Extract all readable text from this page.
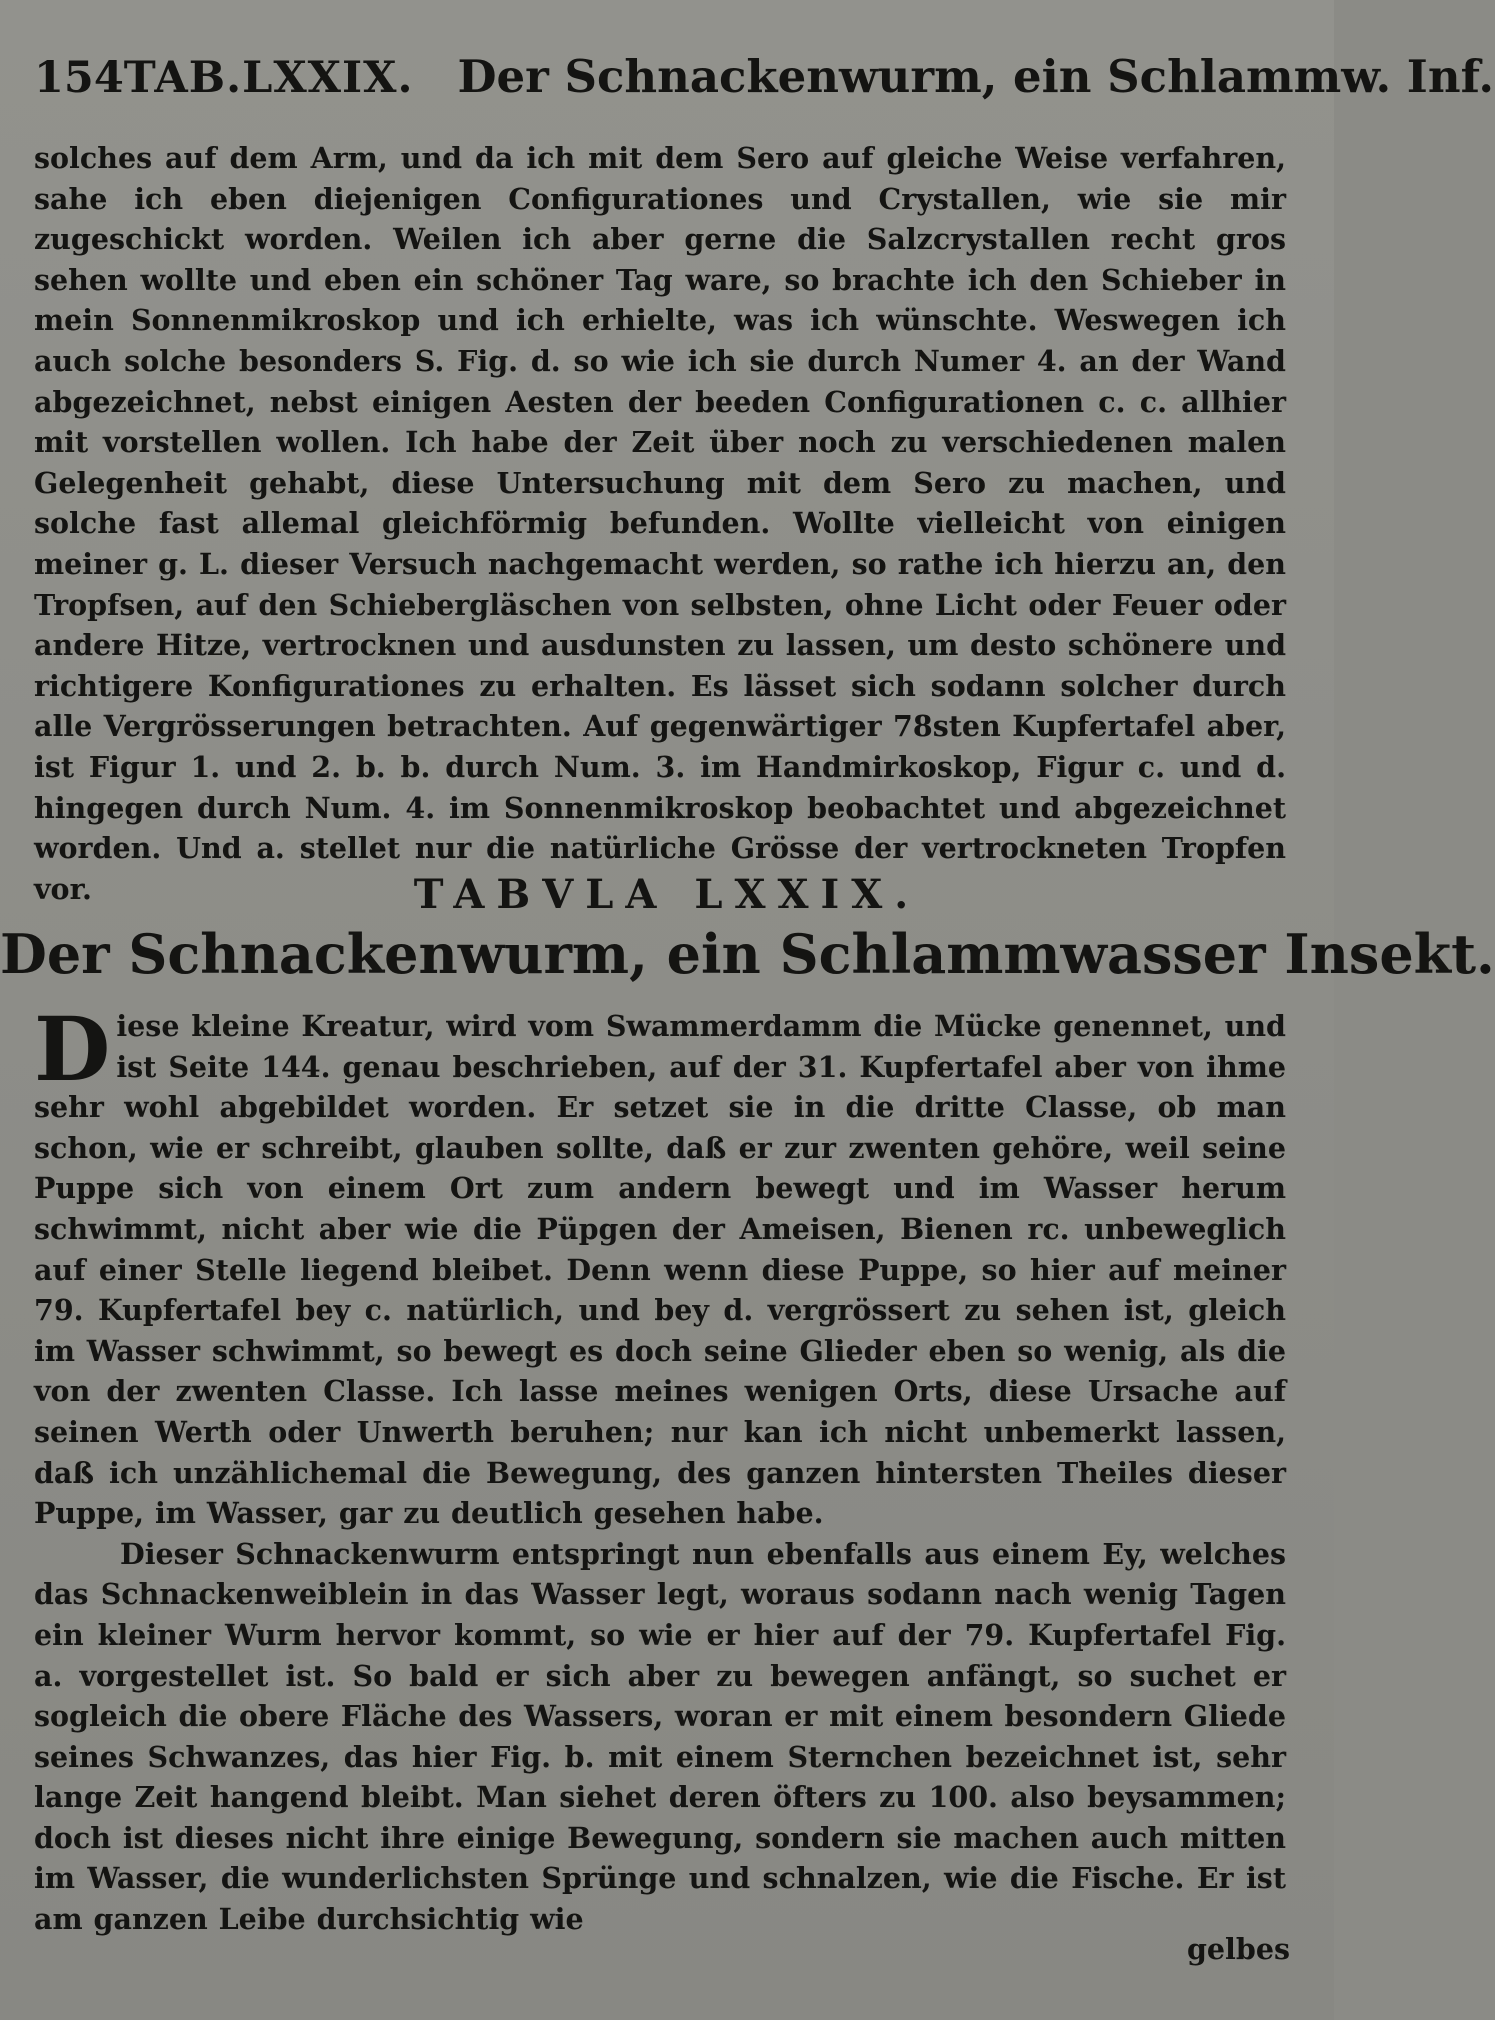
154 TAB.LXXIX. Der Schnackenwurm, ein Schlammw. Inf.

solches auf dem Arm, und da ich mit dem Sero auf gleiche Weise verfahren, sahe ich eben diejenigen Configurationes und Crystallen, wie sie mir zugeschickt worden. Weilen ich aber gerne die Salzcrystallen recht gros sehen wollte und eben ein schöner Tag ware, so brachte ich den Schieber in mein Sonnenmikroskop und ich erhielte, was ich wünschte. Weswegen ich auch solche besonders S. Fig. d. so wie ich sie durch Numer 4. an der Wand abgezeichnet, nebst einigen Aesten der beeden Configurationen c. c. allhier mit vorstellen wollen. Ich habe der Zeit über noch zu verschiedenen malen Gelegenheit gehabt, diese Untersuchung mit dem Sero zu machen, und solche fast allemal gleichförmig befunden. Wollte vielleicht von einigen meiner g. L. dieser Versuch nachgemacht werden, so rathe ich hierzu an, den Tropfsen, auf den Schiebergläschen von selbsten, ohne Licht oder Feuer oder andere Hitze, vertrocknen und ausdunsten zu lassen, um desto schönere und richtigere Konfigurationes zu erhalten. Es lässet sich sodann solcher durch alle Vergrösserungen betrachten. Auf gegenwärtiger 78sten Kupfertafel aber, ist Figur 1. und 2. b. b. durch Num. 3. im Handmirkoskop, Figur c. und d. hingegen durch Num. 4. im Sonnenmikroskop beobachtet und abgezeichnet worden. Und a. stellet nur die natürliche Grösse der vertrockneten Tropfen vor.	TABVLA LXXIX.
Der Schnackenwurm, ein Schlammwasser Insekt.

Diese kleine Kreatur, wird vom Swammerdamm die Mücke genennet, und ist Seite 144. genau beschrieben, auf der 31. Kupfertafel aber von ihme sehr wohl abgebildet worden. Er setzet sie in die dritte Classe, ob man schon, wie er schreibt, glauben sollte, daß er zur zwenten gehöre, weil seine Puppe sich von einem Ort zum andern bewegt und im Wasser herum schwimmt, nicht aber wie die Püpgen der Ameisen, Bienen rc. unbeweglich auf einer Stelle liegend bleibet. Denn wenn diese Puppe, so hier auf meiner 79. Kupfertafel bey c. natürlich, und bey d. vergrössert zu sehen ist, gleich im Wasser schwimmt, so bewegt es doch seine Glieder eben so wenig, als die von der zwenten Classe. Ich lasse meines wenigen Orts, diese Ursache auf seinen Werth oder Unwerth beruhen; nur kan ich nicht unbemerkt lassen, daß ich unzählichemal die Bewegung, des ganzen hintersten Theiles dieser Puppe, im Wasser, gar zu deutlich gesehen habe.

Dieser Schnackenwurm entspringt nun ebenfalls aus einem Ey, welches das Schnackenweiblein in das Wasser legt, woraus sodann nach wenig Tagen ein kleiner Wurm hervor kommt, so wie er hier auf der 79. Kupfertafel Fig. a. vorgestellet ist. So bald er sich aber zu bewegen anfängt, so suchet er sogleich die obere Fläche des Wassers, woran er mit einem besondern Gliede seines Schwanzes, das hier Fig. b. mit einem Sternchen bezeichnet ist, sehr lange Zeit hangend bleibt. Man siehet deren öfters zu 100. also beysammen; doch ist dieses nicht ihre einige Bewegung, sondern sie machen auch mitten im Wasser, die wunderlichsten Sprünge und schnalzen, wie die Fische. Er ist am ganzen Leibe durchsichtig wie

gelbes
